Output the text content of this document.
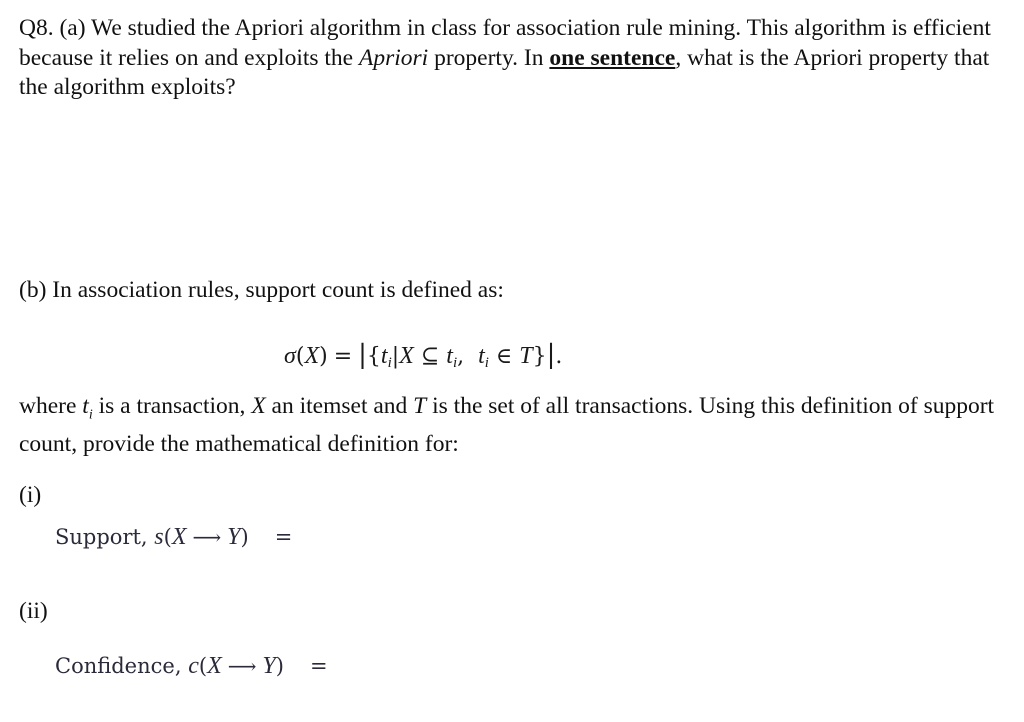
Q8. (a) We studied the Apriori algorithm in class for association rule mining. This algorithm is efficient because it relies on and exploits the Apriori property. In one sentence, what is the Apriori property that the algorithm exploits?

(b) In association rules, support count is defined as:

$\sigma(X) = |\{t_i|X$ ⊆ $t_i$,  $t_i$ ∈ T}|.

where $t_i$ is a transaction, X an itemset and T is the set of all transactions. Using this definition of support count, provide the mathematical definition for:

(i)
Support, s(X ⟶ Y) =
(ii)
Confidence, c(X ⟶ Y) =
